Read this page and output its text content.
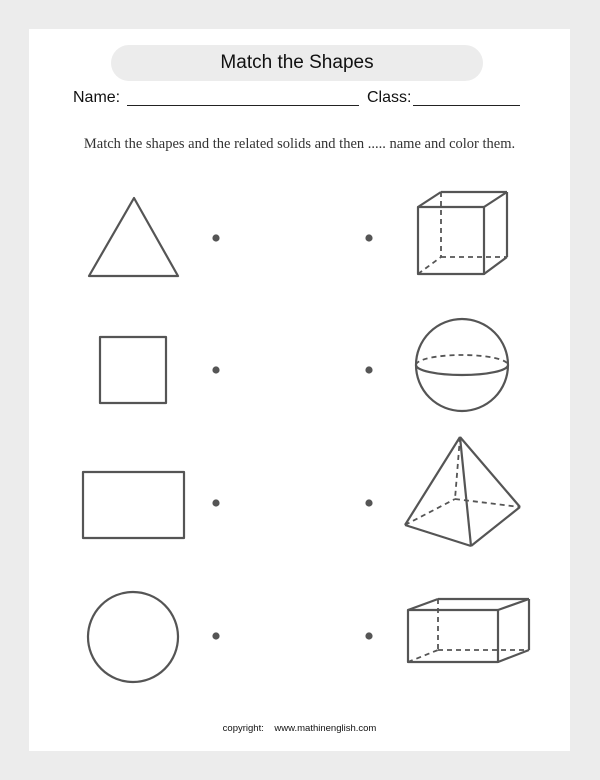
Match the Shapes
Name:	Class:
Match the shapes and the related solids and then ..... name and color them.
copyright: www.mathinenglish.com
